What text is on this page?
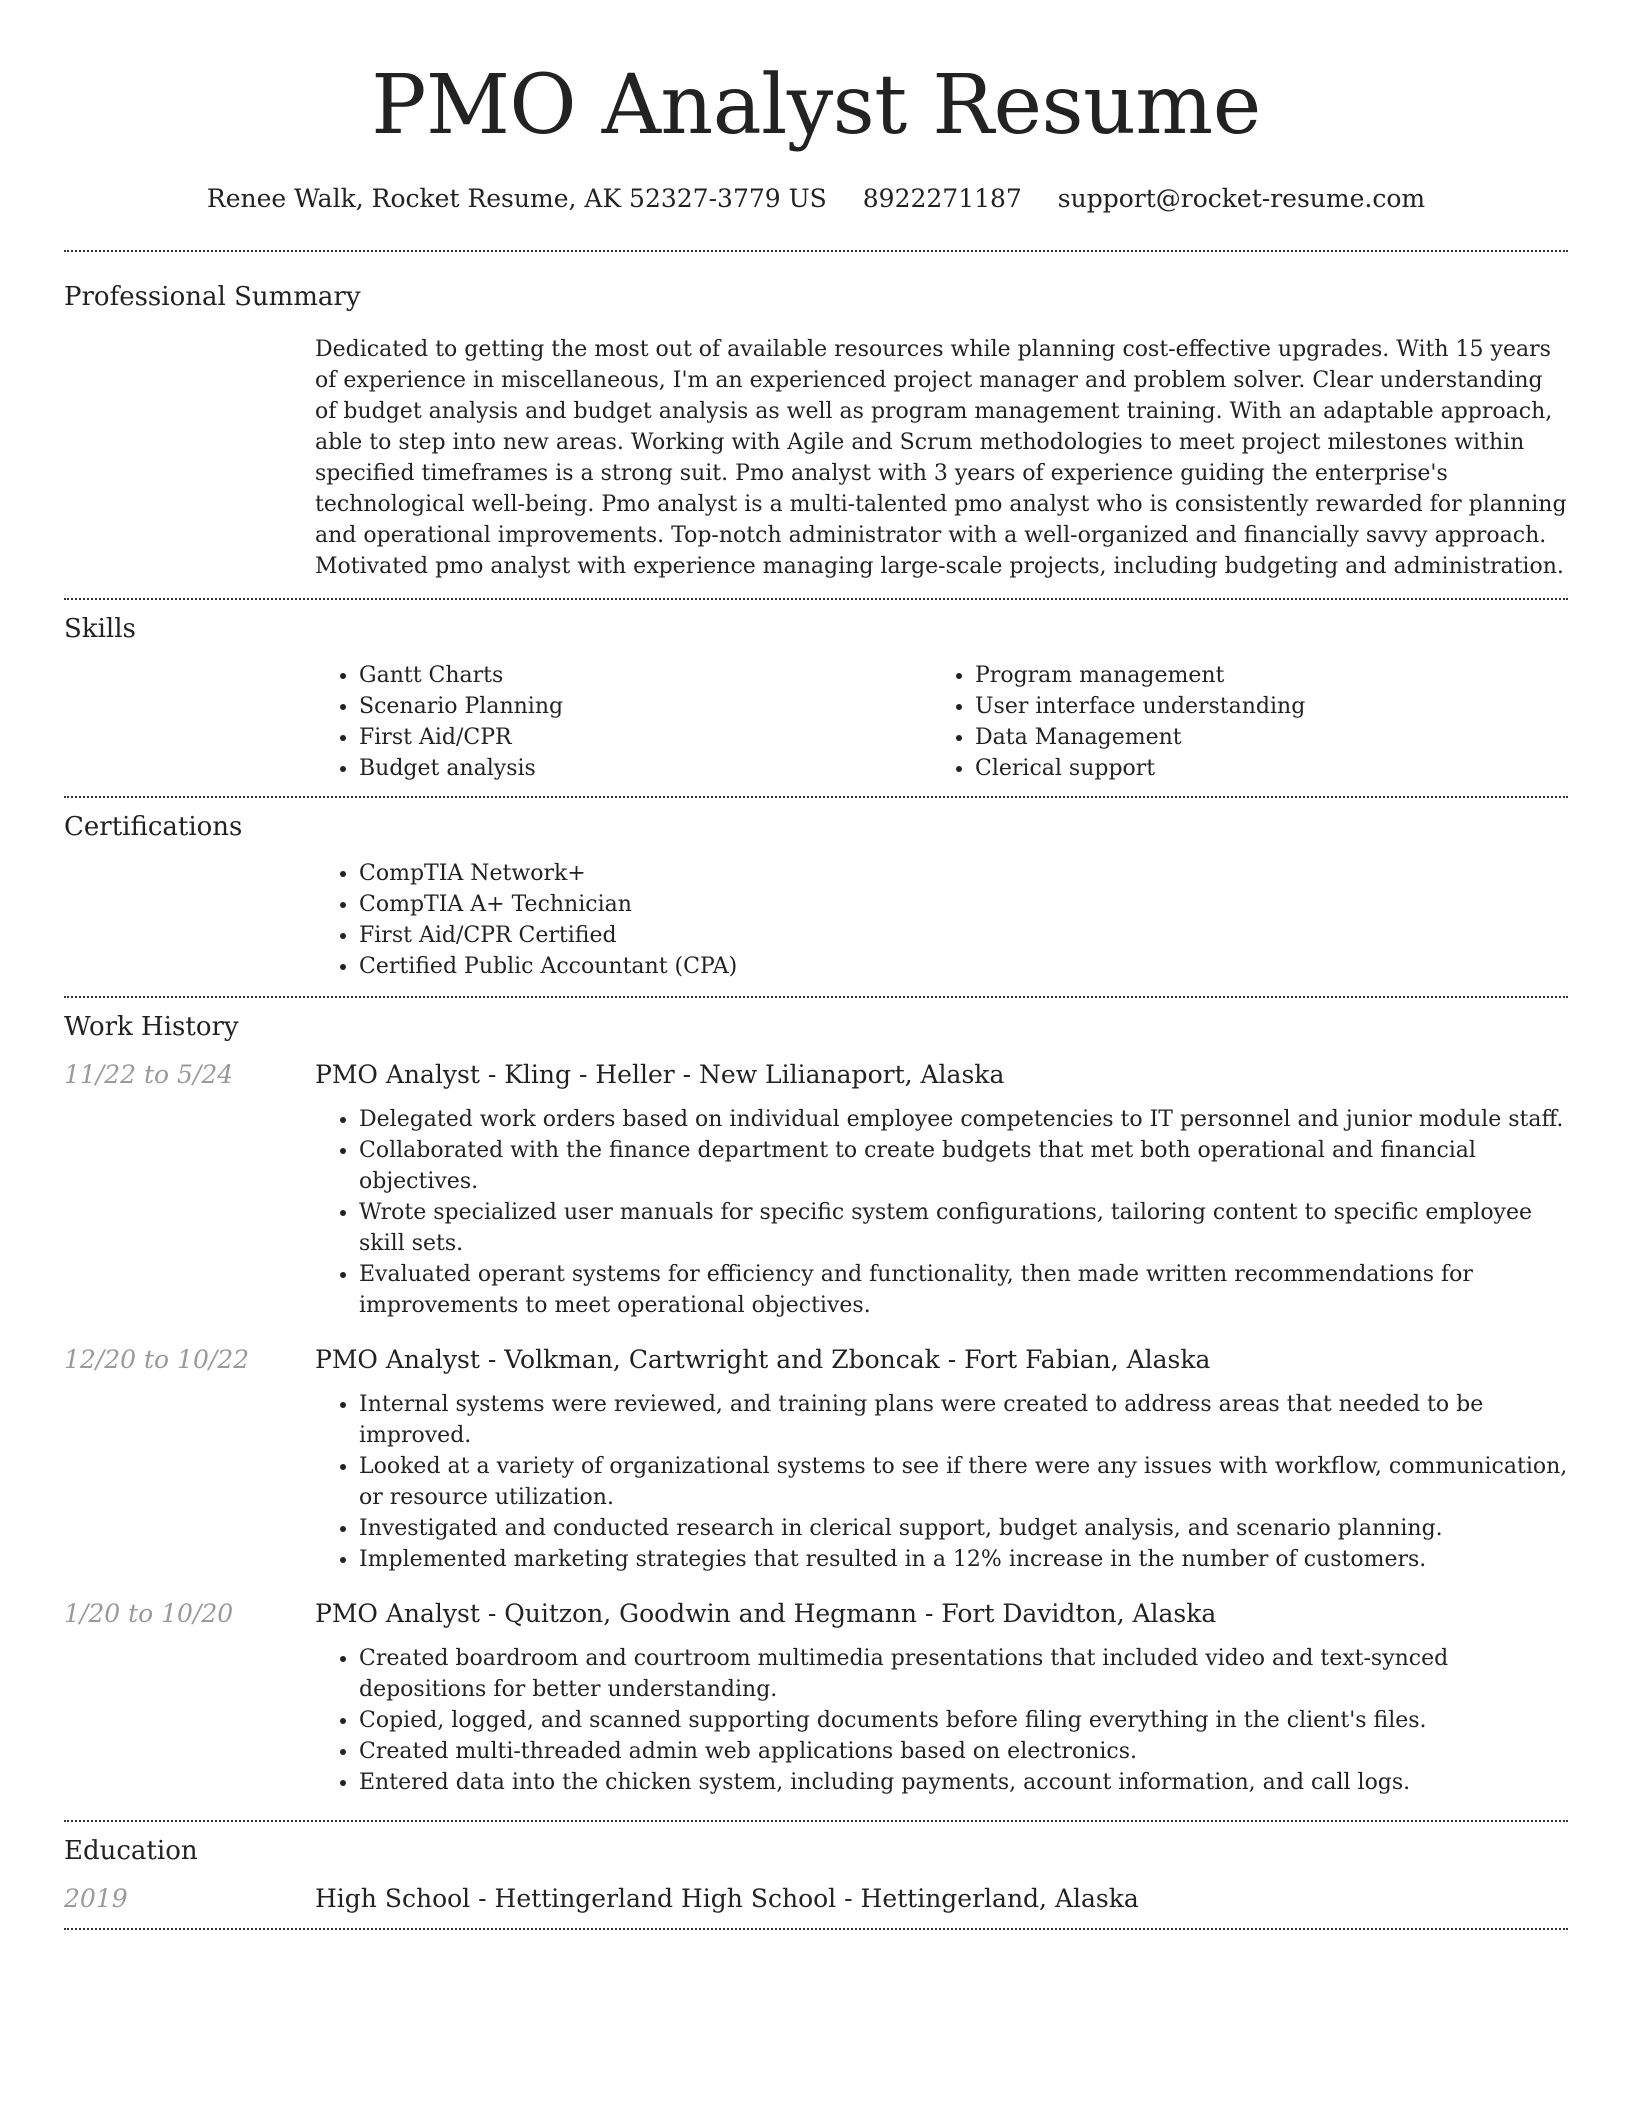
PMO Analyst Resume
Renee Walk, Rocket Resume, AK 52327-3779 US 8922271187 support@rocket-resume.com
Professional Summary
Dedicated to getting the most out of available resources while planning cost-effective upgrades. With 15 years of experience in miscellaneous, I'm an experienced project manager and problem solver. Clear understanding of budget analysis and budget analysis as well as program management training. With an adaptable approach, able to step into new areas. Working with Agile and Scrum methodologies to meet project milestones within specified timeframes is a strong suit. Pmo analyst with 3 years of experience guiding the enterprise's technological well-being. Pmo analyst is a multi-talented pmo analyst who is consistently rewarded for planning and operational improvements. Top-notch administrator with a well-organized and financially savvy approach. Motivated pmo analyst with experience managing large-scale projects, including budgeting and administration.
Skills
• Gantt Charts
• Scenario Planning
• First Aid/CPR
• Budget analysis
• Program management
• User interface understanding
• Data Management
• Clerical support
Certifications
• CompTIA Network+
• CompTIA A+ Technician
• First Aid/CPR Certified
• Certified Public Accountant (CPA)
Work History
11/22 to 5/24	PMO Analyst - Kling - Heller - New Lilianaport, Alaska
• Delegated work orders based on individual employee competencies to IT personnel and junior module staff.
• Collaborated with the finance department to create budgets that met both operational and financial objectives.
• Wrote specialized user manuals for specific system configurations, tailoring content to specific employee skill sets.
• Evaluated operant systems for efficiency and functionality, then made written recommendations for improvements to meet operational objectives.
12/20 to 10/22	PMO Analyst - Volkman, Cartwright and Zboncak - Fort Fabian, Alaska
• Internal systems were reviewed, and training plans were created to address areas that needed to be improved.
• Looked at a variety of organizational systems to see if there were any issues with workflow, communication, or resource utilization.
• Investigated and conducted research in clerical support, budget analysis, and scenario planning.
• Implemented marketing strategies that resulted in a 12% increase in the number of customers.
1/20 to 10/20	PMO Analyst - Quitzon, Goodwin and Hegmann - Fort Davidton, Alaska
• Created boardroom and courtroom multimedia presentations that included video and text-synced depositions for better understanding.
• Copied, logged, and scanned supporting documents before filing everything in the client's files.
• Created multi-threaded admin web applications based on electronics.
• Entered data into the chicken system, including payments, account information, and call logs.
Education
2019	High School - Hettingerland High School - Hettingerland, Alaska
